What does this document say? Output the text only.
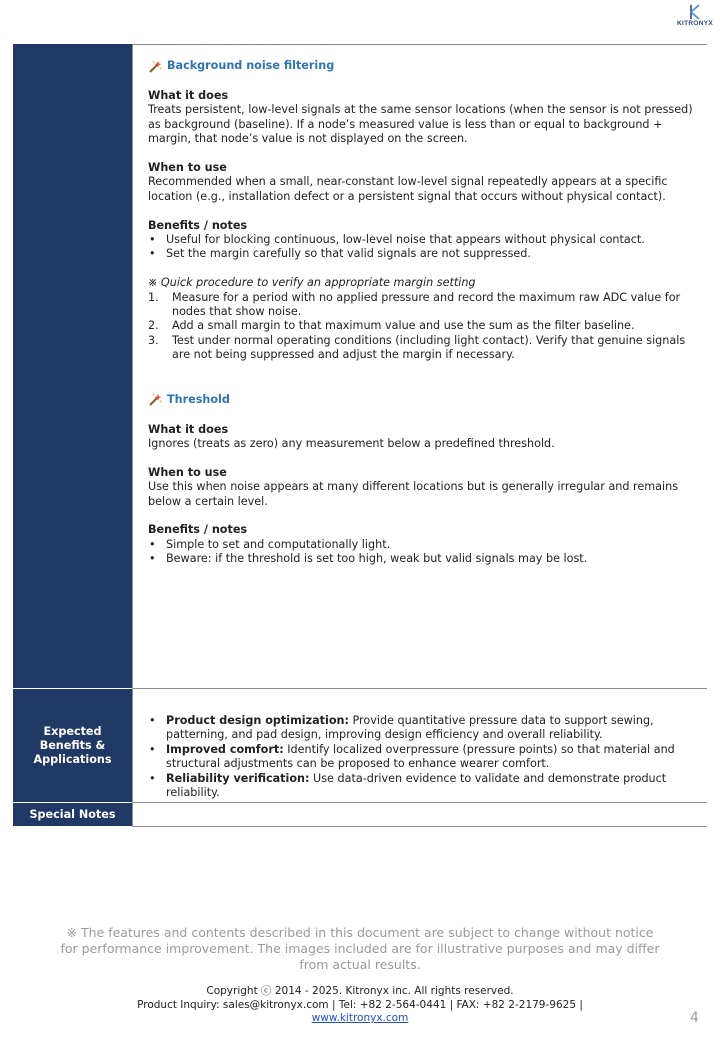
KITRONYX
Expected Benefits & Applications
Special Notes
Background noise filtering

What it does

Treats persistent, low-level signals at the same sensor locations (when the sensor is not pressed) as background (baseline). If a node’s measured value is less than or equal to background + margin, that node’s value is not displayed on the screen.

When to use

Recommended when a small, near-constant low-level signal repeatedly appears at a specific location (e.g., installation defect or a persistent signal that occurs without physical contact).

Benefits / notes

• Useful for blocking continuous, low-level noise that appears without physical contact.
• Set the margin carefully so that valid signals are not suppressed.

※ Quick procedure to verify an appropriate margin setting

1. Measure for a period with no applied pressure and record the maximum raw ADC value for nodes that show noise.
2. Add a small margin to that maximum value and use the sum as the filter baseline.
3. Test under normal operating conditions (including light contact). Verify that genuine signals are not being suppressed and adjust the margin if necessary.
Threshold

What it does

Ignores (treats as zero) any measurement below a predefined threshold.

When to use

Use this when noise appears at many different locations but is generally irregular and remains below a certain level.

Benefits / notes

• Simple to set and computationally light.
• Beware: if the threshold is set too high, weak but valid signals may be lost.
• Product design optimization: Provide quantitative pressure data to support sewing, patterning, and pad design, improving design efficiency and overall reliability.
• Improved comfort: Identify localized overpressure (pressure points) so that material and structural adjustments can be proposed to enhance wearer comfort.
• Reliability verification: Use data-driven evidence to validate and demonstrate product reliability.
※ The features and contents described in this document are subject to change without notice for performance improvement. The images included are for illustrative purposes and may differ from actual results.
Copyright ⓒ 2014 - 2025. Kitronyx inc. All rights reserved.
Product Inquiry: sales@kitronyx.com | Tel: +82 2-564-0441 | FAX: +82 2-2179-9625 |
www.kitronyx.com	4
